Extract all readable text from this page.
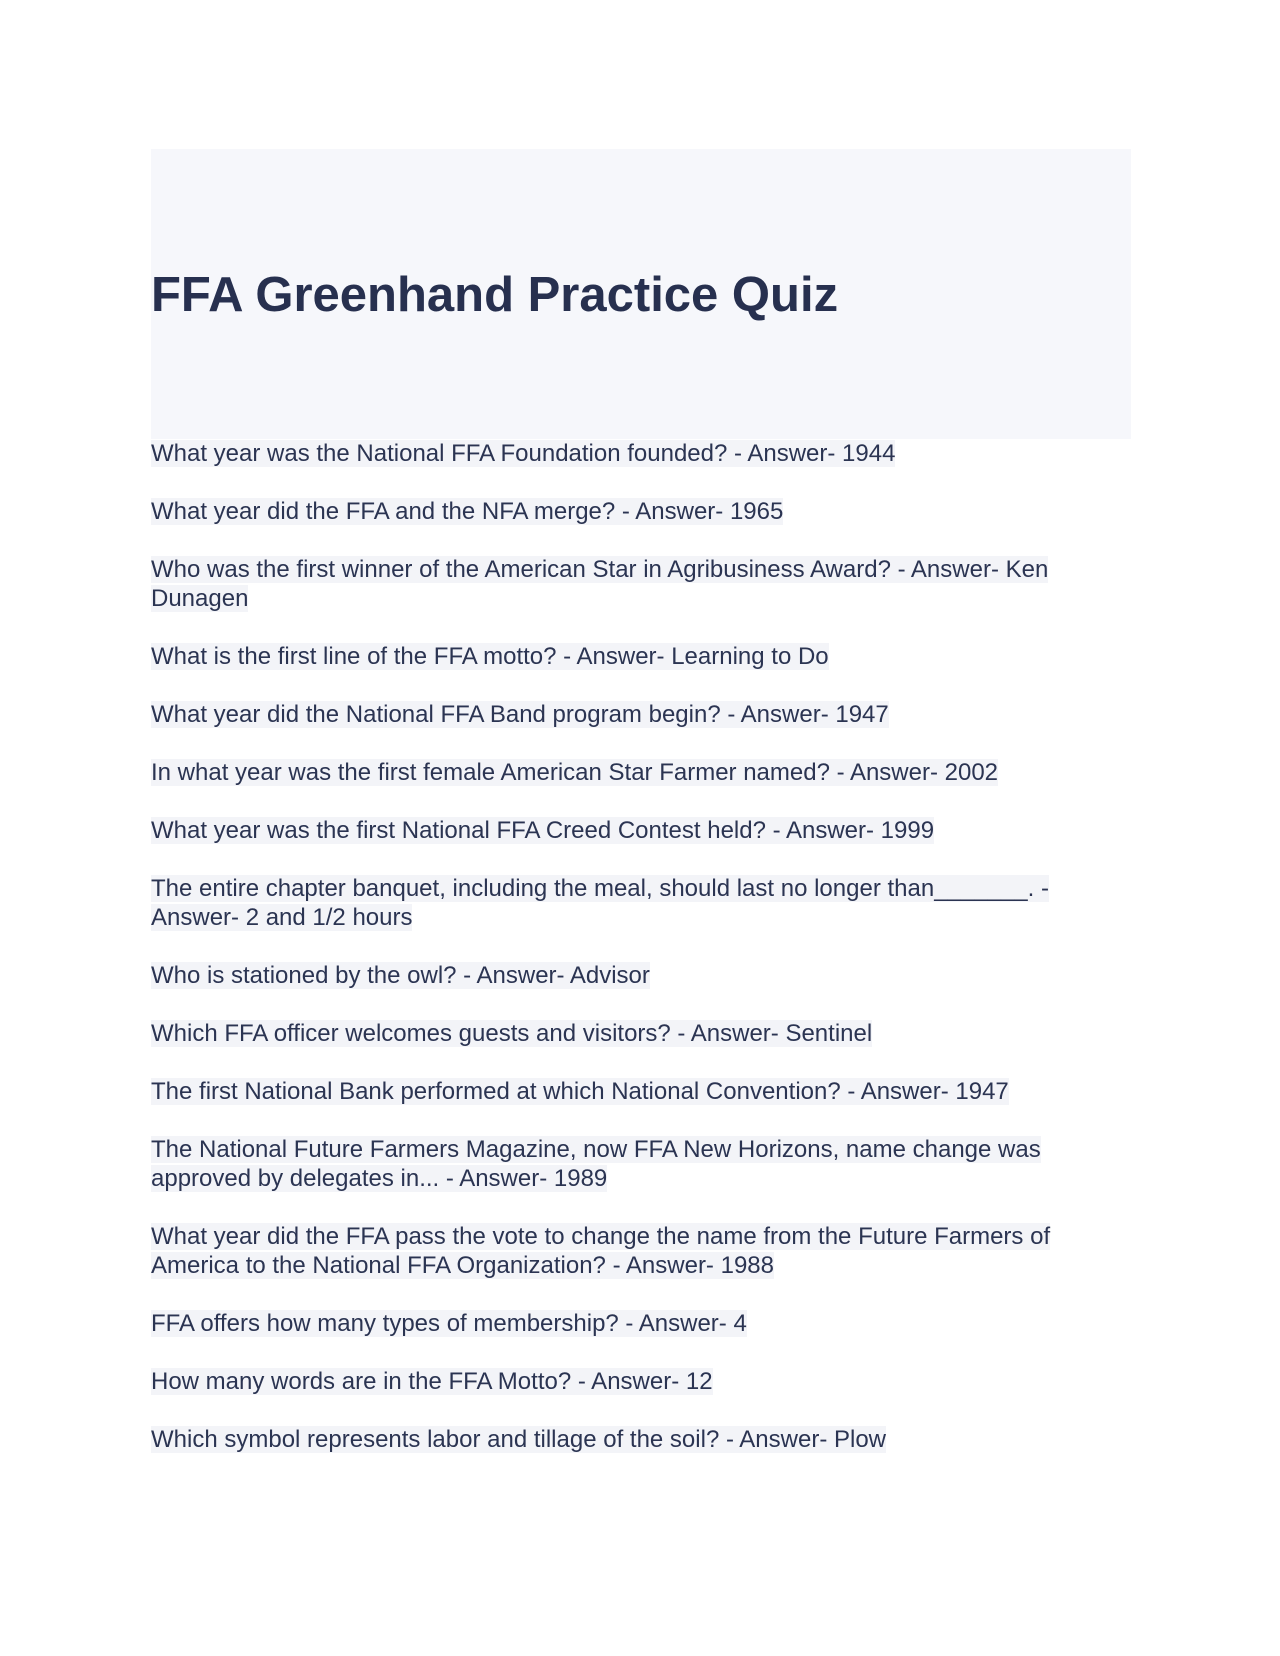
FFA Greenhand Practice Quiz
What year was the National FFA Foundation founded? - Answer- 1944
What year did the FFA and the NFA merge? - Answer- 1965
Who was the first winner of the American Star in Agribusiness Award? - Answer- Ken Dunagen
What is the first line of the FFA motto? - Answer- Learning to Do
What year did the National FFA Band program begin? - Answer- 1947
In what year was the first female American Star Farmer named? - Answer- 2002
What year was the first National FFA Creed Contest held? - Answer- 1999
The entire chapter banquet, including the meal, should last no longer than_______. - Answer- 2 and 1/2 hours
Who is stationed by the owl? - Answer- Advisor
Which FFA officer welcomes guests and visitors? - Answer- Sentinel
The first National Bank performed at which National Convention? - Answer- 1947
The National Future Farmers Magazine, now FFA New Horizons, name change was approved by delegates in... - Answer- 1989
What year did the FFA pass the vote to change the name from the Future Farmers of America to the National FFA Organization? - Answer- 1988
FFA offers how many types of membership? - Answer- 4
How many words are in the FFA Motto? - Answer- 12
Which symbol represents labor and tillage of the soil? - Answer- Plow
